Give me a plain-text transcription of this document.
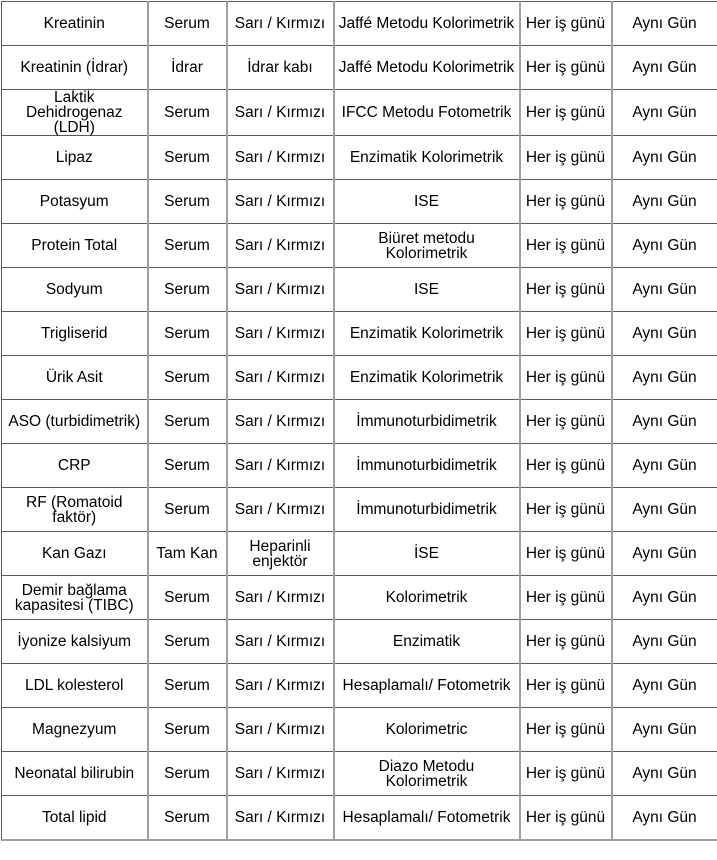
Kreatinin	Serum	Sarı / Kırmızı	Jaffé Metodu Kolorimetrik	Her iş günü	Aynı Gün
Kreatinin (İdrar)	İdrar	İdrar kabı	Jaffé Metodu Kolorimetrik	Her iş günü	Aynı Gün
Laktik Dehidrogenaz (LDH)	Serum	Sarı / Kırmızı	IFCC Metodu Fotometrik	Her iş günü	Aynı Gün
Lipaz	Serum	Sarı / Kırmızı	Enzimatik Kolorimetrik	Her iş günü	Aynı Gün
Potasyum	Serum	Sarı / Kırmızı	ISE	Her iş günü	Aynı Gün
Protein Total	Serum	Sarı / Kırmızı	Biüret metodu Kolorimetrik	Her iş günü	Aynı Gün
Sodyum	Serum	Sarı / Kırmızı	ISE	Her iş günü	Aynı Gün
Trigliserid	Serum	Sarı / Kırmızı	Enzimatik Kolorimetrik	Her iş günü	Aynı Gün
Ürik Asit	Serum	Sarı / Kırmızı	Enzimatik Kolorimetrik	Her iş günü	Aynı Gün
ASO (turbidimetrik)	Serum	Sarı / Kırmızı	İmmunoturbidimetrik	Her iş günü	Aynı Gün
CRP	Serum	Sarı / Kırmızı	İmmunoturbidimetrik	Her iş günü	Aynı Gün
RF (Romatoid faktör)	Serum	Sarı / Kırmızı	İmmunoturbidimetrik	Her iş günü	Aynı Gün
Kan Gazı	Tam Kan	Heparinli enjektör	İSE	Her iş günü	Aynı Gün
Demir bağlama kapasitesi (TIBC)	Serum	Sarı / Kırmızı	Kolorimetrik	Her iş günü	Aynı Gün
İyonize kalsiyum	Serum	Sarı / Kırmızı	Enzimatik	Her iş günü	Aynı Gün
LDL kolesterol	Serum	Sarı / Kırmızı	Hesaplamalı/ Fotometrik	Her iş günü	Aynı Gün
Magnezyum	Serum	Sarı / Kırmızı	Kolorimetric	Her iş günü	Aynı Gün
Neonatal bilirubin	Serum	Sarı / Kırmızı	Diazo Metodu Kolorimetrik	Her iş günü	Aynı Gün
Total lipid	Serum	Sarı / Kırmızı	Hesaplamalı/ Fotometrik	Her iş günü	Aynı Gün
